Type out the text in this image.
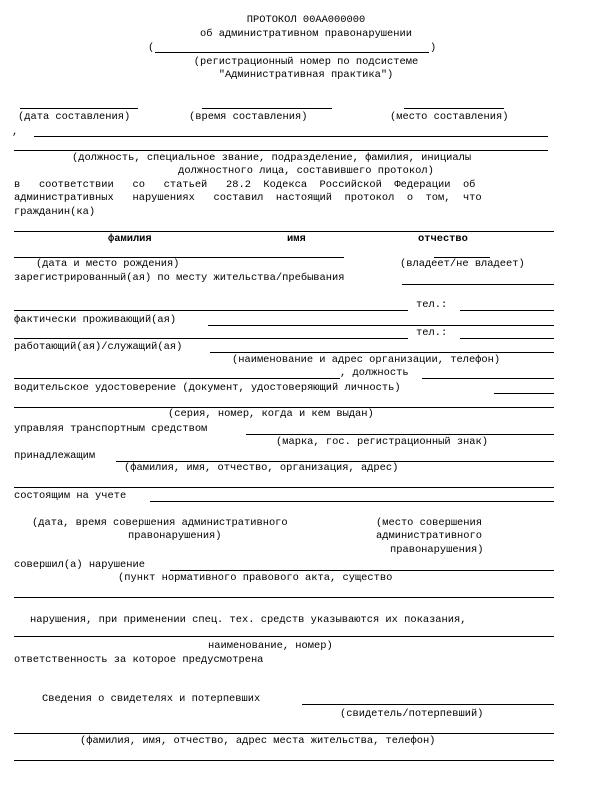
ПРОТОКОЛ 00АА000000
об административном правонарушении
(	)
(регистрационный номер по подсистеме
"Административная практика")
(дата составления)	(время составления)	(место составления)
,
(должность, специальное звание, подразделение, фамилия, инициалы
должностного лица, составившего протокол)
в   соответствии   со   статьей   28.2  Кодекса  Российской  Федерации  об
административных   нарушениях   составил  настоящий  протокол  о  том,  что
гражданин(ка)
фамилия	имя	отчество
(дата и место рождения)	(владеет/не владеет)
зарегистрированный(ая) по месту жительства/пребывания
тел.:
фактически проживающий(ая)
тел.:
работающий(ая)/служащий(ая)
(наименование и адрес организации, телефон)
, должность
водительское удостоверение (документ, удостоверяющий личность)
(серия, номер, когда и кем выдан)
управляя транспортным средством
(марка, гос. регистрационный знак)
принадлежащим
(фамилия, имя, отчество, организация, адрес)
состоящим на учете
(дата, время совершения административного
правонарушения)
(место совершения
административного
правонарушения)
совершил(а) нарушение
(пункт нормативного правового акта, существо
нарушения, при применении спец. тех. средств указываются их показания,
наименование, номер)
ответственность за которое предусмотрена
Сведения о свидетелях и потерпевших
(свидетель/потерпевший)
(фамилия, имя, отчество, адрес места жительства, телефон)
